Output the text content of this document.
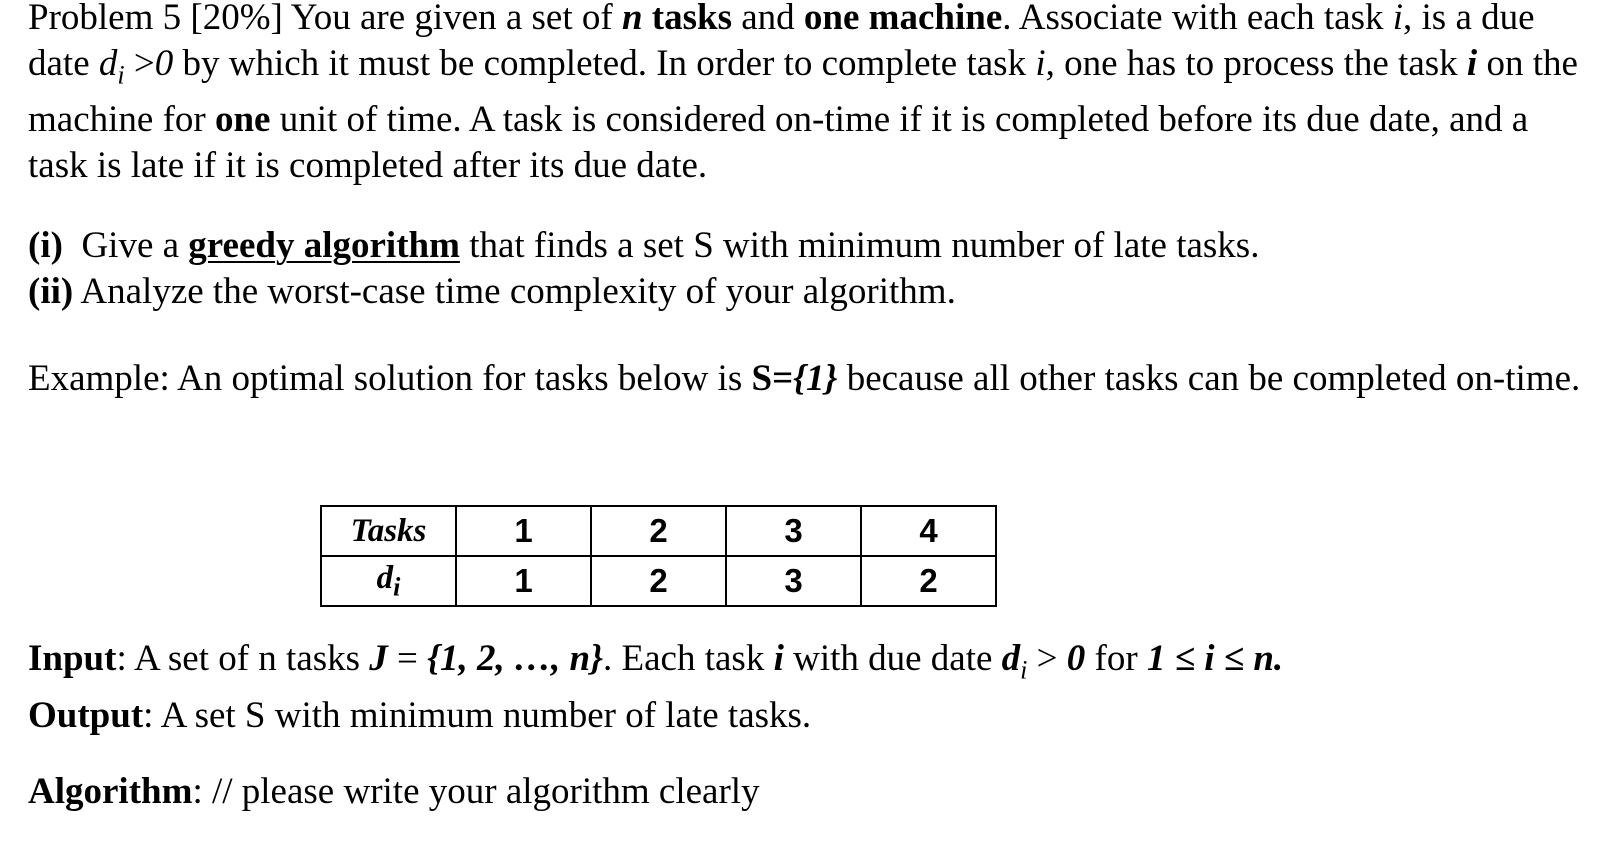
Problem 5 [20%] You are given a set of n tasks and one machine. Associate with each task i, is a due date $d_i >0$ by which it must be completed. In order to complete task i, one has to process the task i on the machine for one unit of time. A task is considered on-time if it is completed before its due date, and a task is late if it is completed after its due date.

(i)  Give a greedy algorithm that finds a set S with minimum number of late tasks.
(ii) Analyze the worst-case time complexity of your algorithm.

Example: An optimal solution for tasks below is S={1} because all other tasks can be completed on-time.

Tasks	1	2	3	4
$d_i$	1	2	3	2

Input: A set of n tasks J = {1, 2, …, n}. Each task i with due date $d_i > 0$ for 1 ≤ i ≤ n.
Output: A set S with minimum number of late tasks.

Algorithm: // please write your algorithm clearly
